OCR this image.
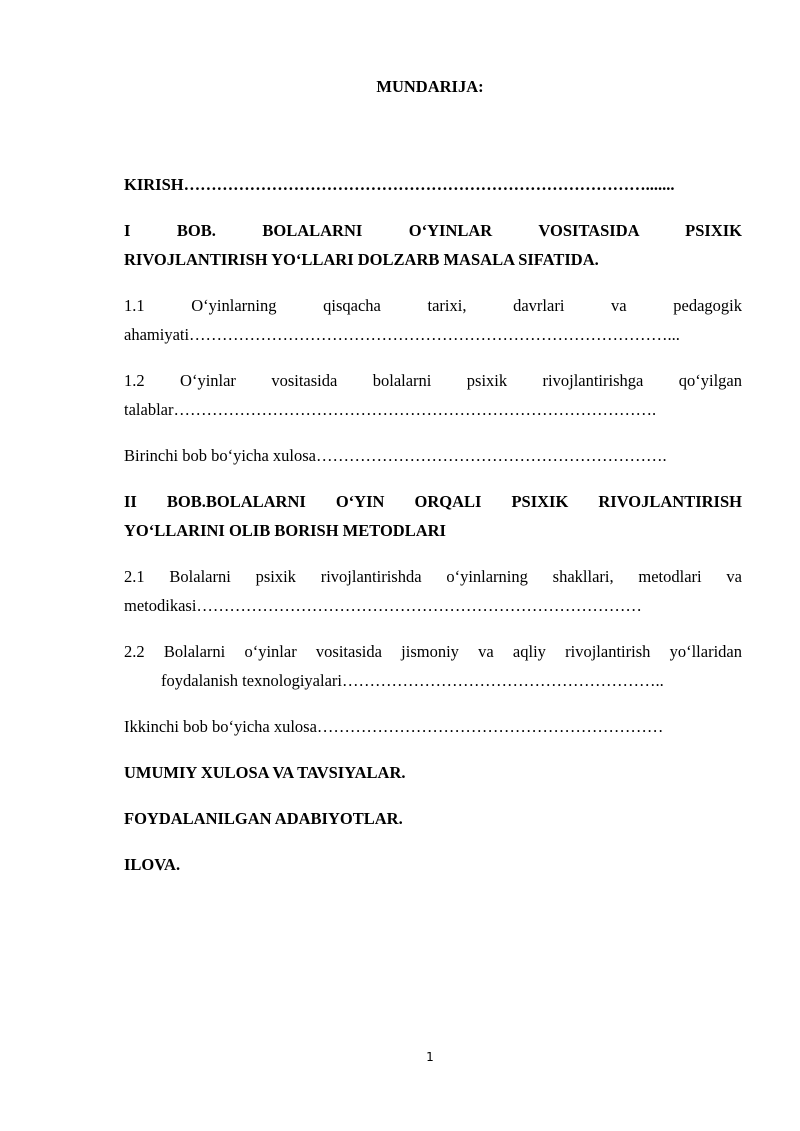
MUNDARIJA:

KIRISH………………………………………………………………………….......

I BOB. BOLALARNI O‘YINLAR VOSITASIDA PSIXIK
RIVOJLANTIRISH YO‘LLARI DOLZARB MASALA SIFATIDA.

1.1 O‘yinlarning qisqacha tarixi, davrlari va pedagogik
ahamiyati……………………………………………………………………………...

1.2 O‘yinlar vositasida bolalarni psixik rivojlantirishga qo‘yilgan
talablar…………………………………………………………………………….

Birinchi bob bo‘yicha xulosa……………………………………………………….

II BOB.BOLALARNI O‘YIN ORQALI PSIXIK RIVOJLANTIRISH
YO‘LLARINI OLIB BORISH METODLARI

2.1 Bolalarni psixik rivojlantirishda o‘yinlarning shakllari, metodlari va
metodikasi………………………………………………………………………

2.2 Bolalarni o‘yinlar vositasida jismoniy va aqliy rivojlantirish yo‘llaridan
foydalanish texnologiyalari…………………………………………………..

Ikkinchi bob bo‘yicha xulosa………………………………………………………

UMUMIY XULOSA VA TAVSIYALAR.

FOYDALANILGAN ADABIYOTLAR.

ILOVA.

1
